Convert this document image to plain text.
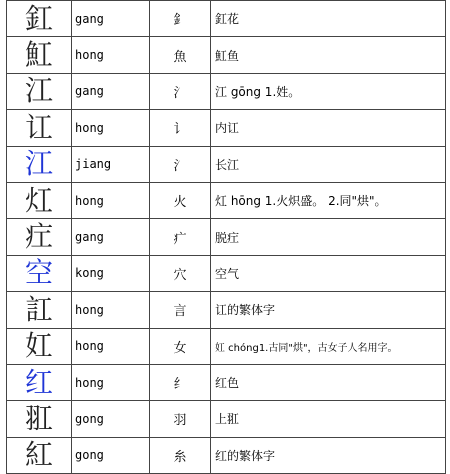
釭	gang	釒	釭花
魟	hong	魚	魟鱼
江	gang	氵	江 gōng 1.姓。
讧	hong	讠	内讧
江	jiang	氵	长江
灴	hong	火	灴 hōng 1.火炽盛。 2.同"烘"。
疘	gang	疒	脱疘
空	kong	穴	空气
訌	hong	言	讧的繁体字
妅	hong	女	妅 chóng1.古同"烘"，古女子人名用字。
红	hong	纟	红色
羾	gong	羽	上羾
紅	gong	糸	红的繁体字
